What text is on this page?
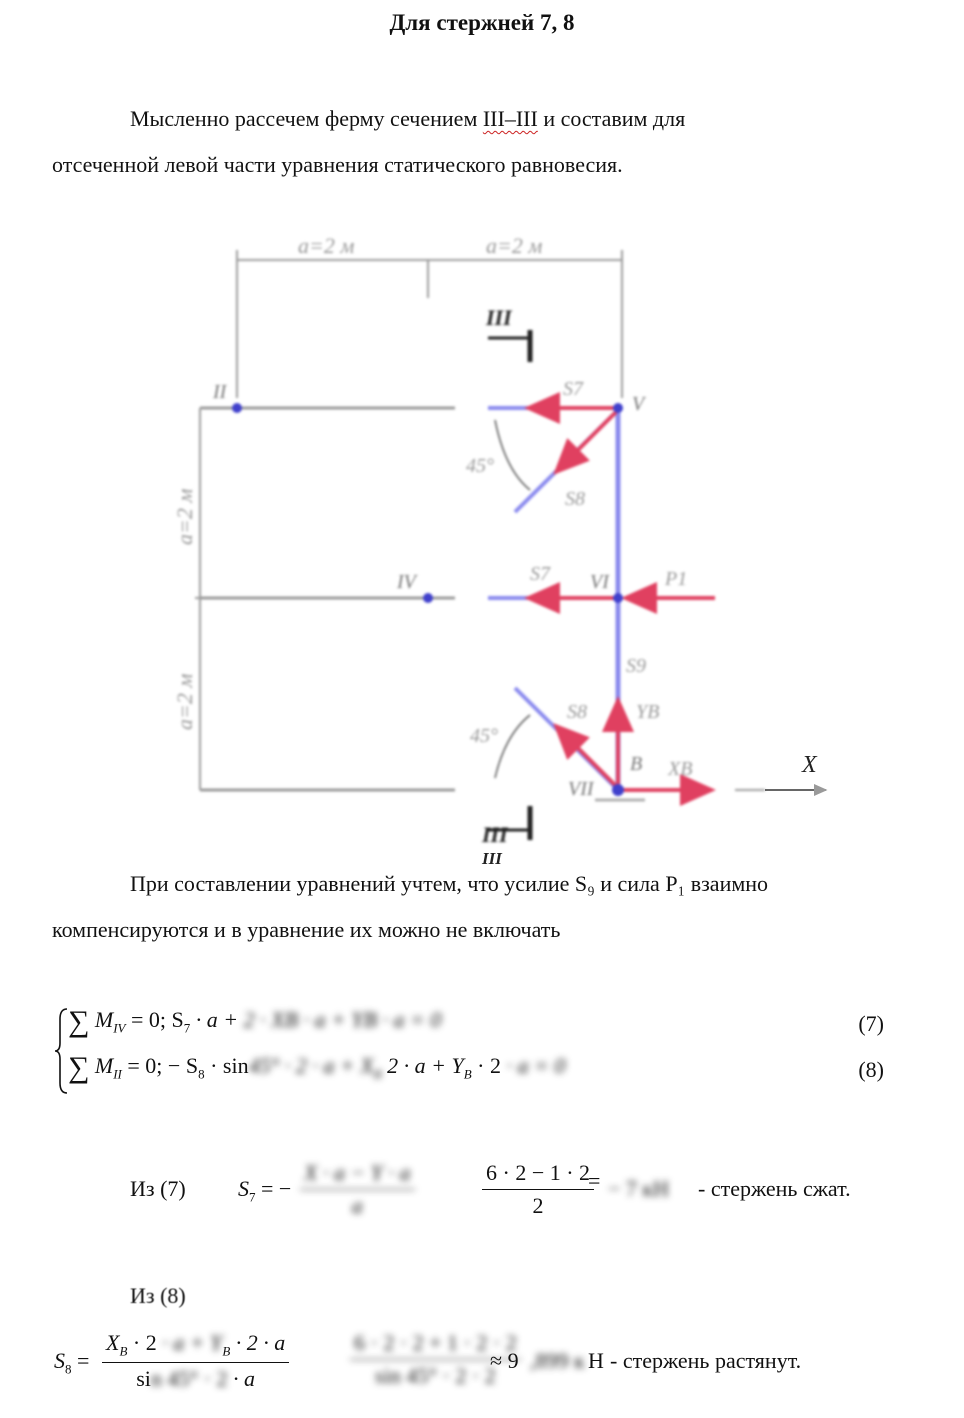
Для стержней 7, 8
Мысленно рассечем ферму сечением III–III и составим для
отсеченной левой части уравнения статического равновесия.
a=2 м	a=2 м
a=2 м
a=2 м
III
III
II
V
IV	VI
VII
B
S7
S8
S7	P1
S9
S8 YB
XB
45°
45°
X
III
При составлении уравнений учтем, что усилие S₉ и сила P₁ взаимно
компенсируются и в уравнение их можно не включать
∑ $M_{IV} = 0$; $S_7 \cdot a + 2$ · XB · a + YB · a = 0	(7)
∑ $M_{II} = 0$; − $S_8 \cdot \sin 45^\circ \cdot 2 \cdot a + X_B$ $2 \cdot a + Y_B \cdot 2 \cdot a = 0$	(8)
Из (7) $S_7$ = − $\frac{X \cdot a - Y \cdot a}{a}$	$\frac{6 \cdot 2 - 1 \cdot 2}{2}$
= − 7 кН - стержень сжат.
Из (8)
$S_8 = \frac{X_B \cdot 2 \cdot a + Y_B \cdot 2 \cdot a}{\sin 45^\circ \cdot 2 \cdot a}$	$\frac{6 \cdot 2 \cdot 2 + 1 \cdot 2 \cdot 2}{\sin 45^\circ \cdot 2 \cdot 2}$
≈ 9 ,899 к Н - стержень растянут.
